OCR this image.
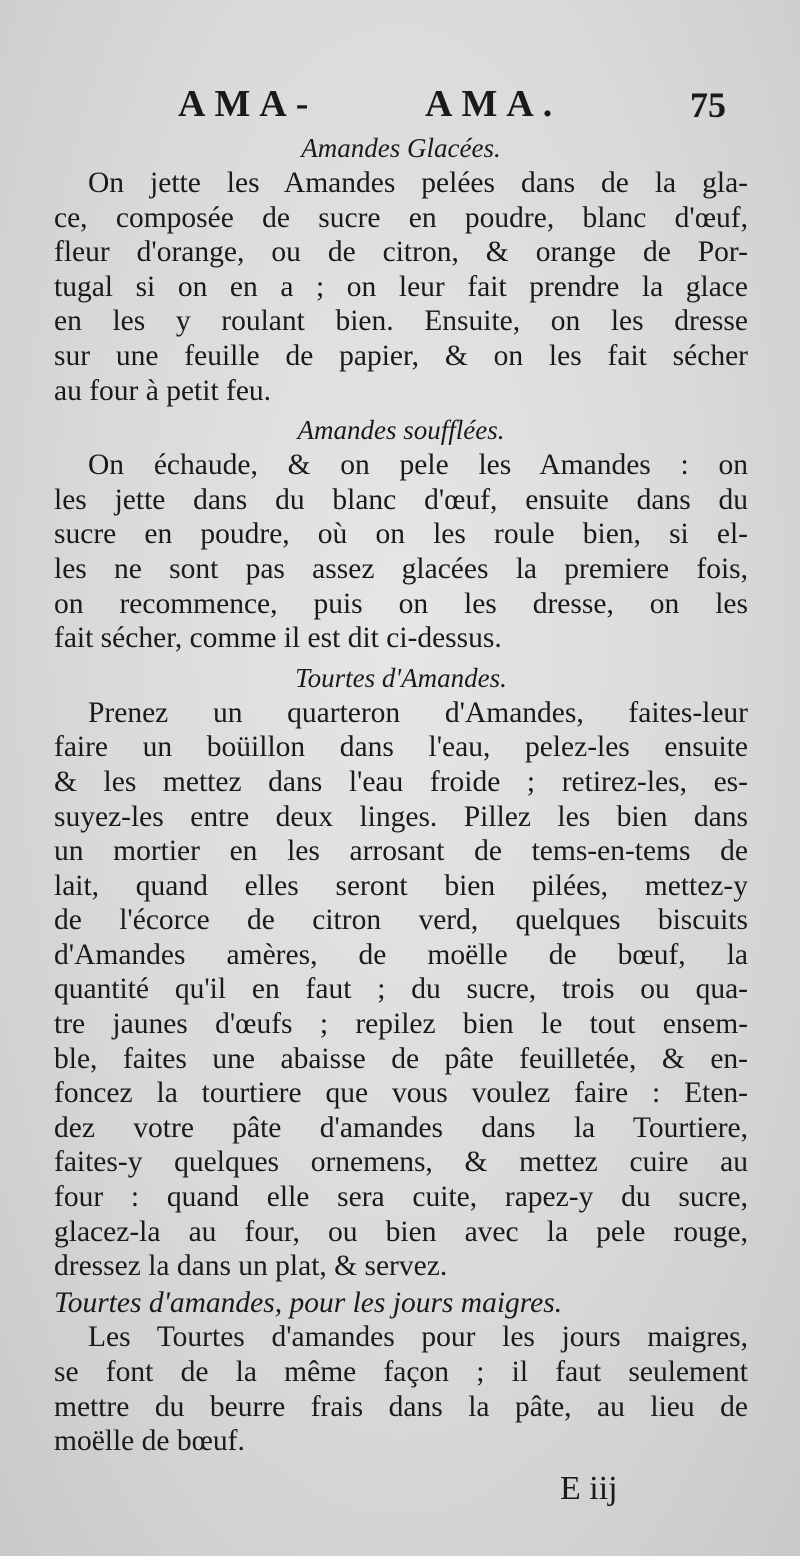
AMA-	AMA.	75
Amandes Glacées.
On jette les Amandes pelées dans de la gla-
ce, composée de sucre en poudre, blanc d'œuf,
fleur d'orange, ou de citron, & orange de Por-
tugal si on en a ; on leur fait prendre la glace
en les y roulant bien. Ensuite, on les dresse
sur une feuille de papier, & on les fait sécher
au four à petit feu.
Amandes soufflées.
On échaude, & on pele les Amandes : on
les jette dans du blanc d'œuf, ensuite dans du
sucre en poudre, où on les roule bien, si el-
les ne sont pas assez glacées la premiere fois,
on recommence, puis on les dresse, on les
fait sécher, comme il est dit ci-dessus.
Tourtes d'Amandes.
Prenez un quarteron d'Amandes, faites-leur
faire un boüillon dans l'eau, pelez-les ensuite
& les mettez dans l'eau froide ; retirez-les, es-
suyez-les entre deux linges. Pillez les bien dans
un mortier en les arrosant de tems-en-tems de
lait, quand elles seront bien pilées, mettez-y
de l'écorce de citron verd, quelques biscuits
d'Amandes amères, de moëlle de bœuf, la
quantité qu'il en faut ; du sucre, trois ou qua-
tre jaunes d'œufs ; repilez bien le tout ensem-
ble, faites une abaisse de pâte feuilletée, & en-
foncez la tourtiere que vous voulez faire : Eten-
dez votre pâte d'amandes dans la Tourtiere,
faites-y quelques ornemens, & mettez cuire au
four : quand elle sera cuite, rapez-y du sucre,
glacez-la au four, ou bien avec la pele rouge,
dressez la dans un plat, & servez.
Tourtes d'amandes, pour les jours maigres.
Les Tourtes d'amandes pour les jours maigres,
se font de la même façon ; il faut seulement
mettre du beurre frais dans la pâte, au lieu de
moëlle de bœuf.
E iij
